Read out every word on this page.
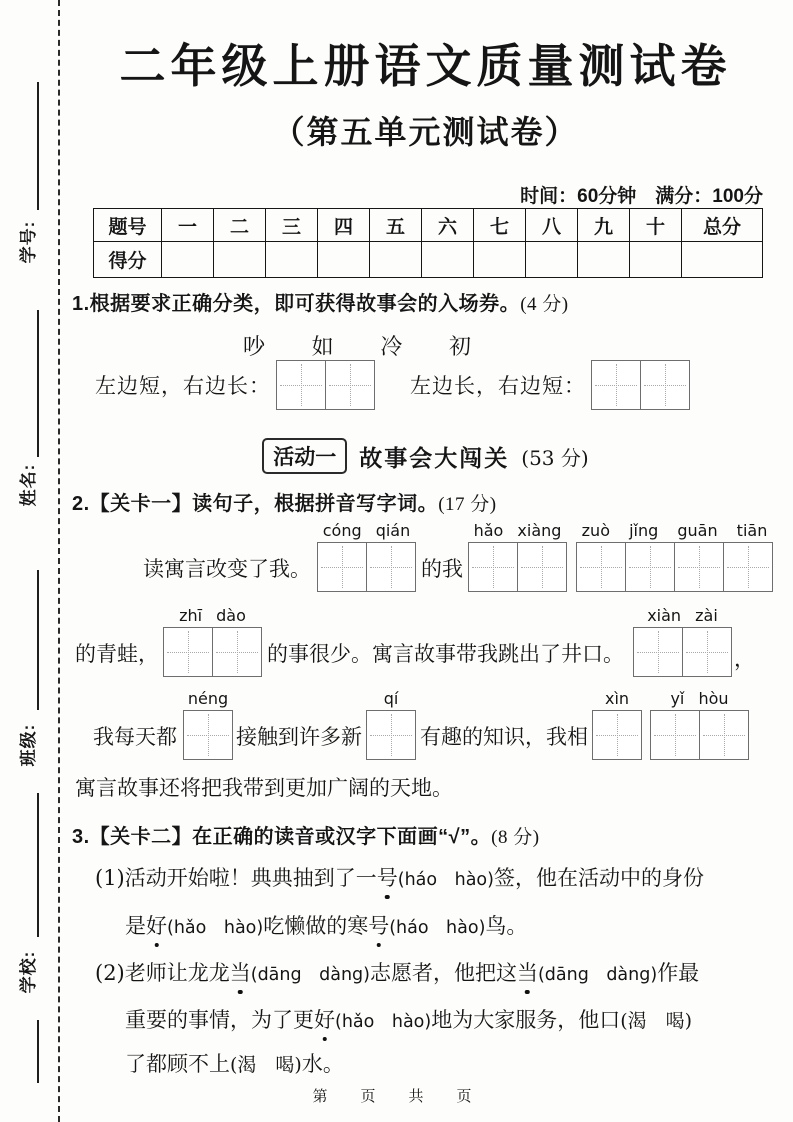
学号:
姓名:
班级:
学校:
二年级上册语文质量测试卷
（第五单元测试卷）
时间：60分钟　满分：100分
题号	一	二	三	四	五	六	七	八	九	十	总分
得分											
1.根据要求正确分类，即可获得故事会的入场券。(4 分)
吵 如 冷 初
左边短，右边长：	左边长，右边短：
活动一	故事会大闯关 (53 分)
2.【关卡一】读句子，根据拼音写字词。(17 分)
读寓言改变了我。
cóng qián
的我
hǎo xiàng zuò jǐng guān tiān
的青蛙，
zhī dào
的事很少。寓言故事带我跳出了井口。
xiàn zài
，
我每天都
néng
接触到许多新
qí
有趣的知识，我相
xìn	yǐ hòu
寓言故事还将把我带到更加广阔的天地。
3.【关卡二】在正确的读音或汉字下面画“√”。(8 分)
(1)活动开始啦！典典抽到了一号(háo　hào)签，他在活动中的身份
是好(hǎo　hào)吃懒做的寒号(háo　hào)鸟。
(2)老师让龙龙当(dāng　dàng)志愿者，他把这当(dāng　dàng)作最
重要的事情，为了更好(hǎo　hào)地为大家服务，他口(渴　喝)
了都顾不上(渴　喝)水。
第　页　共　页
